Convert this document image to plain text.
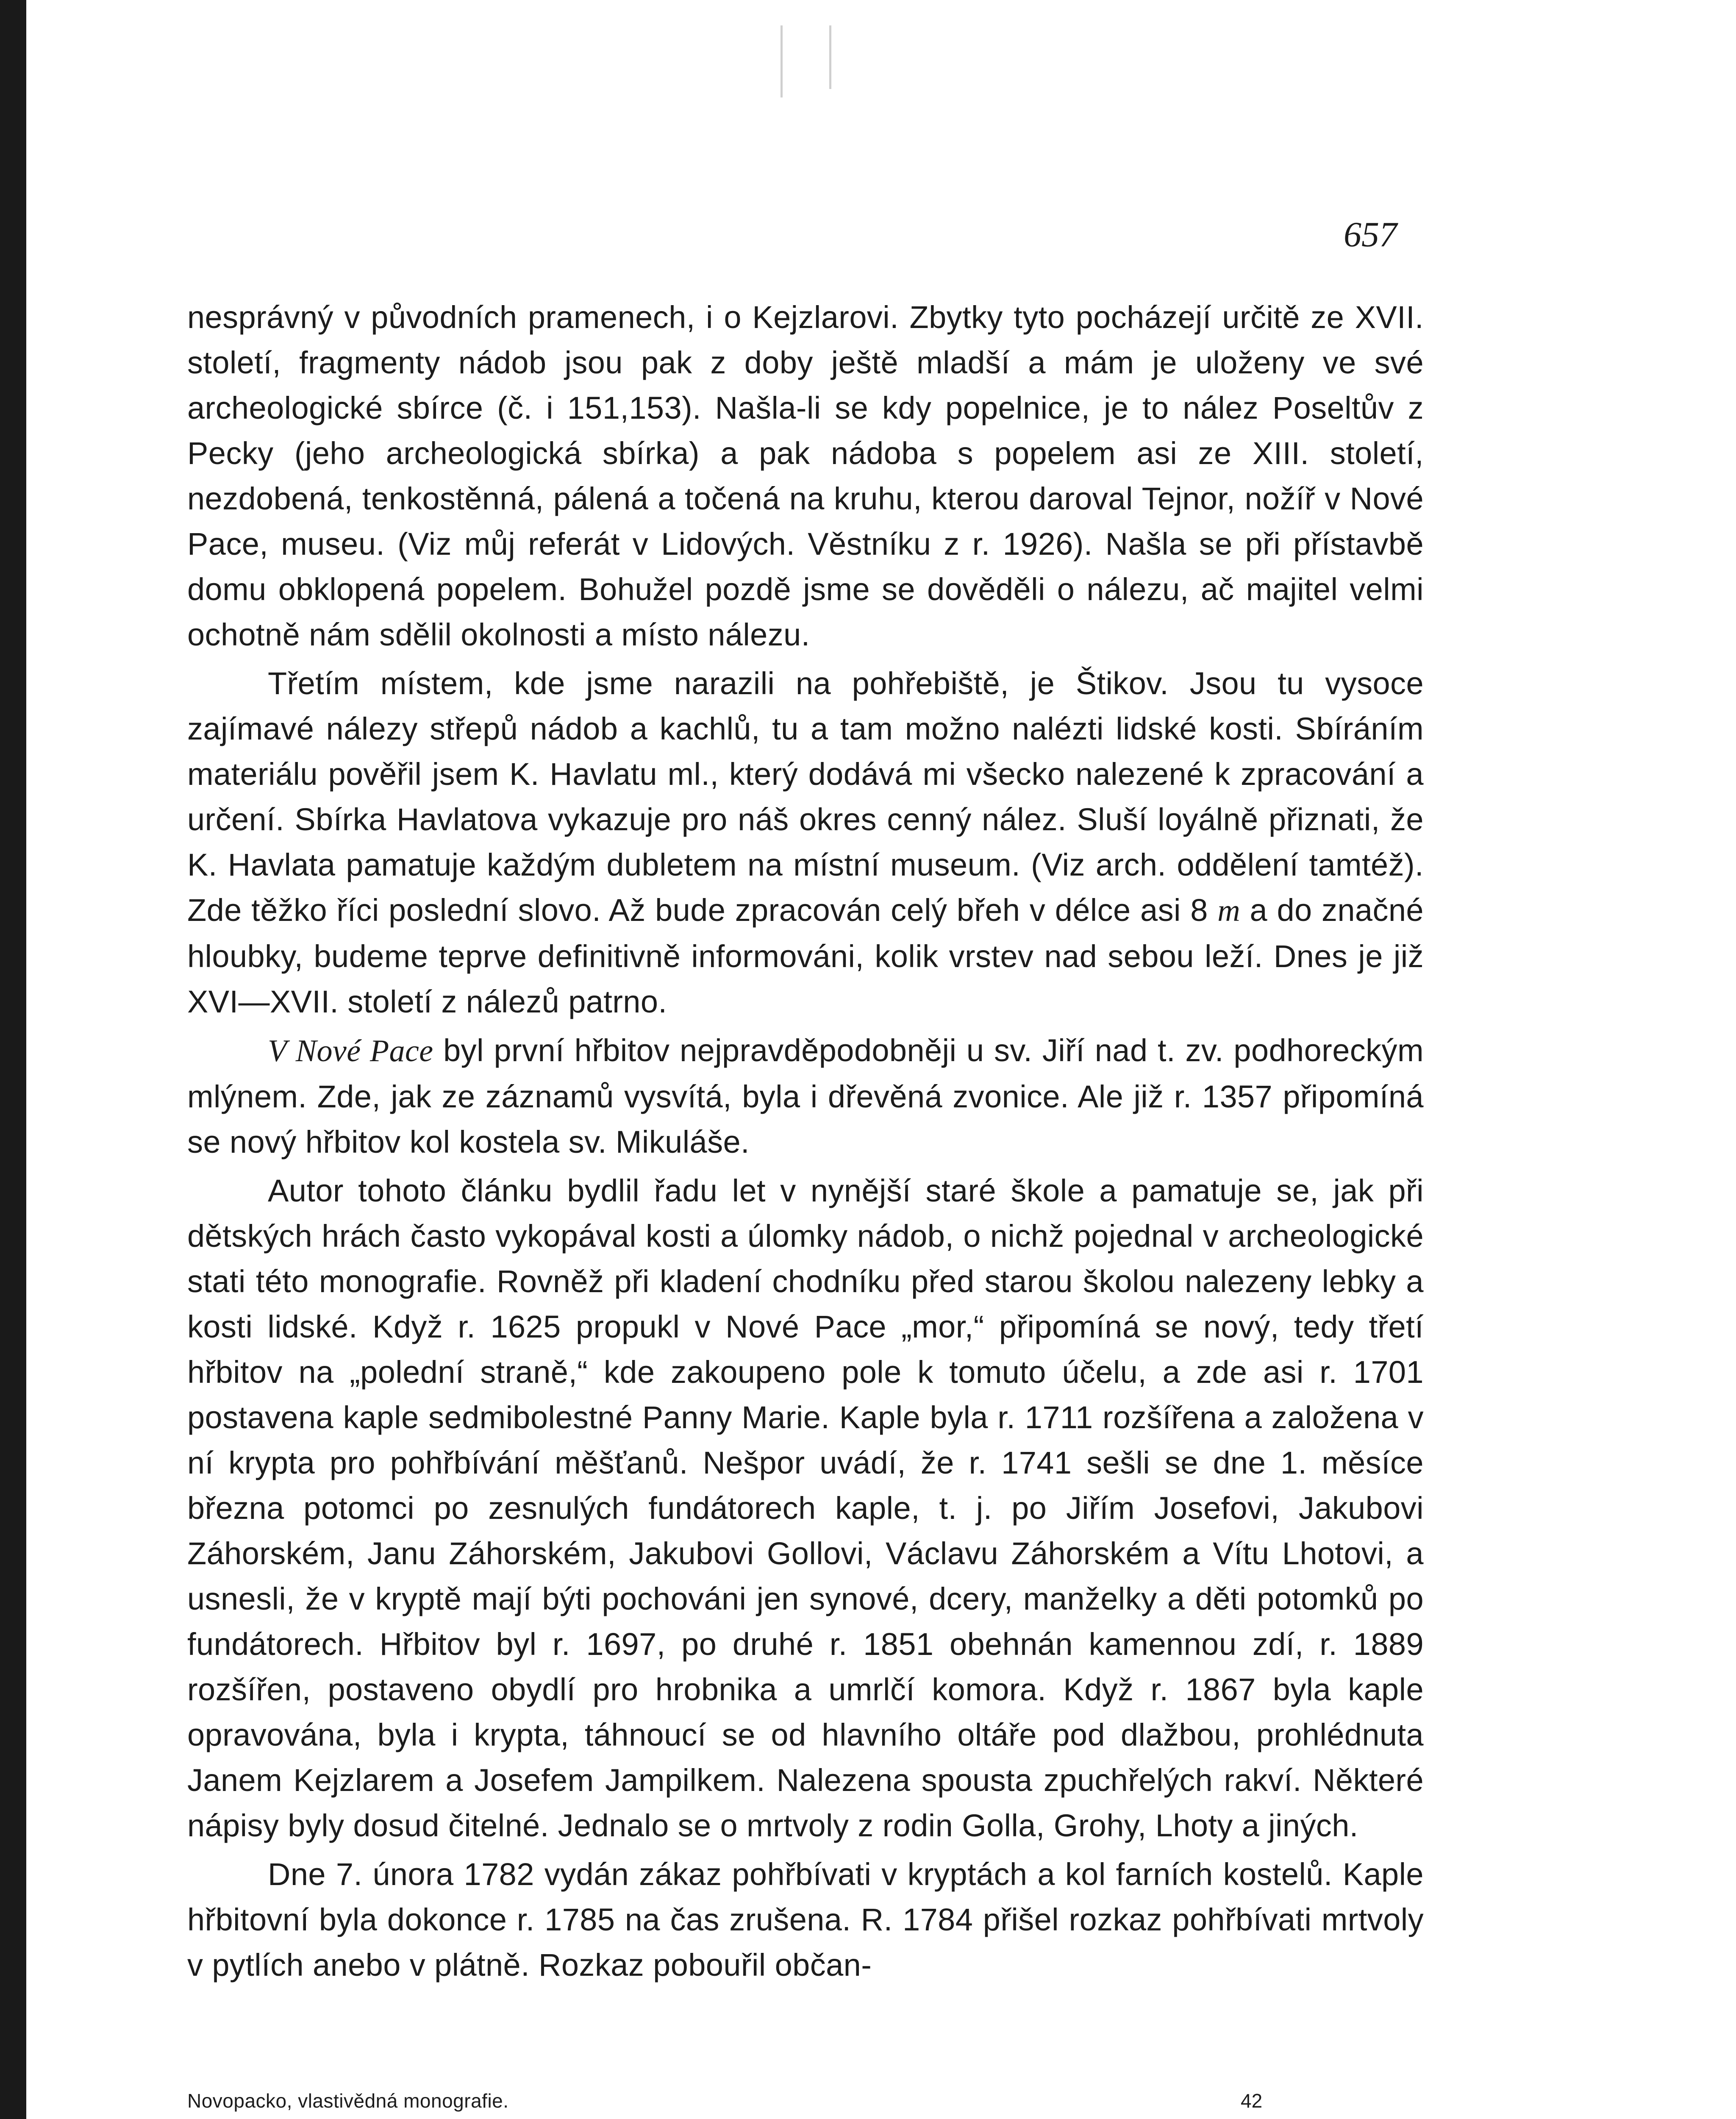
657

nesprávný v původních pramenech, i o Kejzlarovi. Zbytky tyto pocházejí určitě ze XVII. století, fragmenty nádob jsou pak z doby ještě mladší a mám je uloženy ve své archeologické sbírce (č. i 151,153). Našla-li se kdy popelnice, je to nález Poseltův z Pecky (jeho archeologická sbírka) a pak nádoba s popelem asi ze XIII. století, nezdobená, tenkostěnná, pálená a točená na kruhu, kterou daroval Tejnor, nožíř v Nové Pace, museu. (Viz můj referát v Lidových. Věstníku z r. 1926). Našla se při přístavbě domu obklopená popelem. Bohužel pozdě jsme se dověděli o nálezu, ač majitel velmi ochotně nám sdělil okolnosti a místo nálezu.

Třetím místem, kde jsme narazili na pohřebiště, je Štikov. Jsou tu vysoce zajímavé nálezy střepů nádob a kachlů, tu a tam možno nalézti lidské kosti. Sbíráním materiálu pověřil jsem K. Havlatu ml., který dodává mi všecko nalezené k zpracování a určení. Sbírka Havlatova vykazuje pro náš okres cenný nález. Sluší loyálně přiznati, že K. Havlata pamatuje každým dubletem na místní museum. (Viz arch. oddělení tamtéž). Zde těžko říci poslední slovo. Až bude zpracován celý břeh v délce asi 8 m a do značné hloubky, budeme teprve definitivně informováni, kolik vrstev nad sebou leží. Dnes je již XVI—XVII. století z nálezů patrno.

V Nové Pace byl první hřbitov nejpravděpodobněji u sv. Jiří nad t. zv. podhoreckým mlýnem. Zde, jak ze záznamů vysvítá, byla i dřevěná zvonice. Ale již r. 1357 připomíná se nový hřbitov kol kostela sv. Mikuláše.

Autor tohoto článku bydlil řadu let v nynější staré škole a pamatuje se, jak při dětských hrách často vykopával kosti a úlomky nádob, o nichž pojednal v archeologické stati této monografie. Rovněž při kladení chodníku před starou školou nalezeny lebky a kosti lidské. Když r. 1625 propukl v Nové Pace „mor,“ připomíná se nový, tedy třetí hřbitov na „polední straně,“ kde zakoupeno pole k tomuto účelu, a zde asi r. 1701 postavena kaple sedmibolestné Panny Marie. Kaple byla r. 1711 rozšířena a založena v ní krypta pro pohřbívání měšťanů. Nešpor uvádí, že r. 1741 sešli se dne 1. měsíce března potomci po zesnulých fundátorech kaple, t. j. po Jiřím Josefovi, Jakubovi Záhorském, Janu Záhorském, Jakubovi Gollovi, Václavu Záhorském a Vítu Lhotovi, a usnesli, že v kryptě mají býti pochováni jen synové, dcery, manželky a děti potomků po fundátorech. Hřbitov byl r. 1697, po druhé r. 1851 obehnán kamennou zdí, r. 1889 rozšířen, postaveno obydlí pro hrobnika a umrlčí komora. Když r. 1867 byla kaple opravována, byla i krypta, táhnoucí se od hlavního oltáře pod dlažbou, prohlédnuta Janem Kejzlarem a Josefem Jampilkem. Nalezena spousta zpuchřelých rakví. Některé nápisy byly dosud čitelné. Jednalo se o mrtvoly z rodin Golla, Grohy, Lhoty a jiných.

Dne 7. února 1782 vydán zákaz pohřbívati v kryptách a kol farních kostelů. Kaple hřbitovní byla dokonce r. 1785 na čas zrušena. R. 1784 přišel rozkaz pohřbívati mrtvoly v pytlích anebo v plátně. Rozkaz pobouřil občan-

Novopacko, vlastivědná monografie.	42
